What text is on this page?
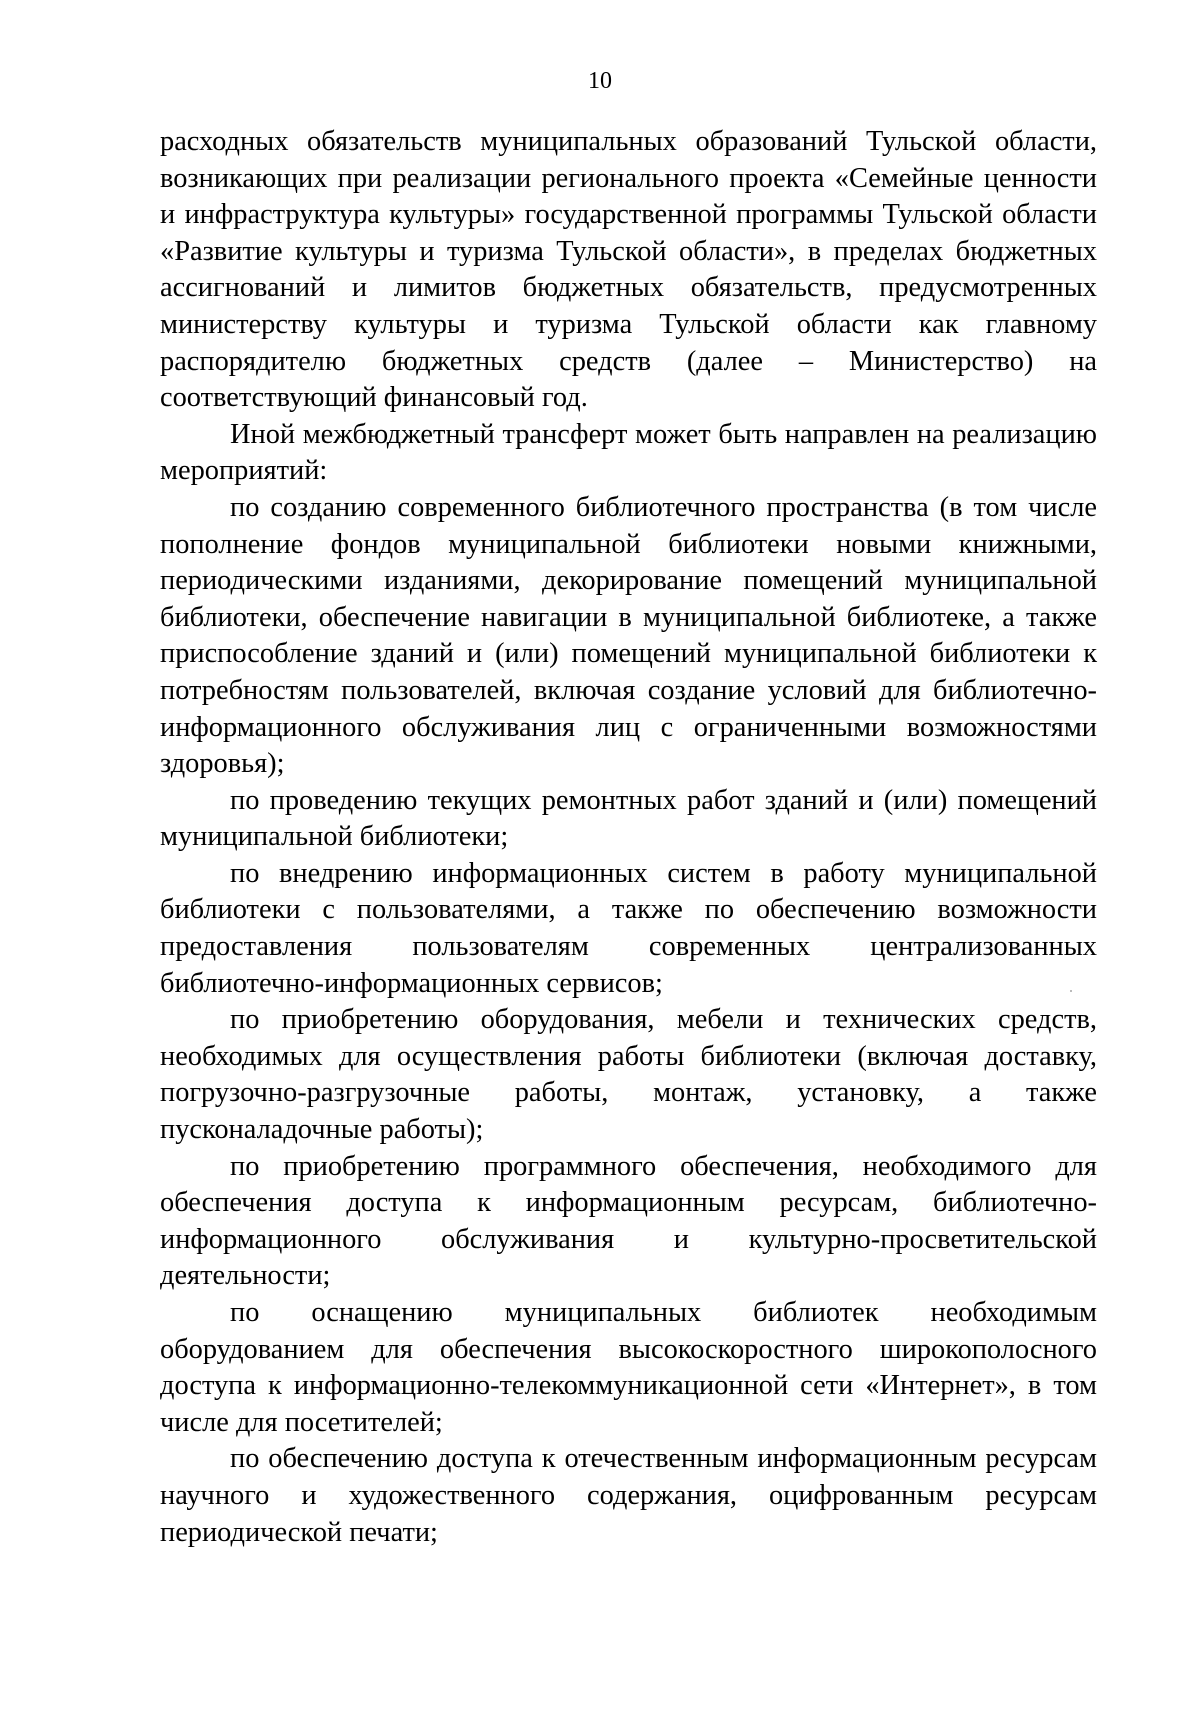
10

расходных обязательств муниципальных образований Тульской области, возникающих при реализации регионального проекта «Семейные ценности и инфраструктура культуры» государственной программы Тульской области «Развитие культуры и туризма Тульской области», в пределах бюджетных ассигнований и лимитов бюджетных обязательств, предусмотренных министерству культуры и туризма Тульской области как главному распорядителю бюджетных средств (далее – Министерство) на соответствующий финансовый год.

Иной межбюджетный трансферт может быть направлен на реализацию мероприятий:

по созданию современного библиотечного пространства (в том числе пополнение фондов муниципальной библиотеки новыми книжными, периодическими изданиями, декорирование помещений муниципальной библиотеки, обеспечение навигации в муниципальной библиотеке, а также приспособление зданий и (или) помещений муниципальной библиотеки к потребностям пользователей, включая создание условий для библиотечно-информационного обслуживания лиц с ограниченными возможностями здоровья);

по проведению текущих ремонтных работ зданий и (или) помещений муниципальной библиотеки;

по внедрению информационных систем в работу муниципальной библиотеки с пользователями, а также по обеспечению возможности предоставления пользователям современных централизованных библиотечно-информационных сервисов;

по приобретению оборудования, мебели и технических средств, необходимых для осуществления работы библиотеки (включая доставку, погрузочно-разгрузочные работы, монтаж, установку, а также пусконаладочные работы);

по приобретению программного обеспечения, необходимого для обеспечения доступа к информационным ресурсам, библиотечно-информационного обслуживания и культурно-просветительской деятельности;

по оснащению муниципальных библиотек необходимым оборудованием для обеспечения высокоскоростного широкополосного доступа к информационно-телекоммуникационной сети «Интернет», в том числе для посетителей;

по обеспечению доступа к отечественным информационным ресурсам научного и художественного содержания, оцифрованным ресурсам периодической печати;
